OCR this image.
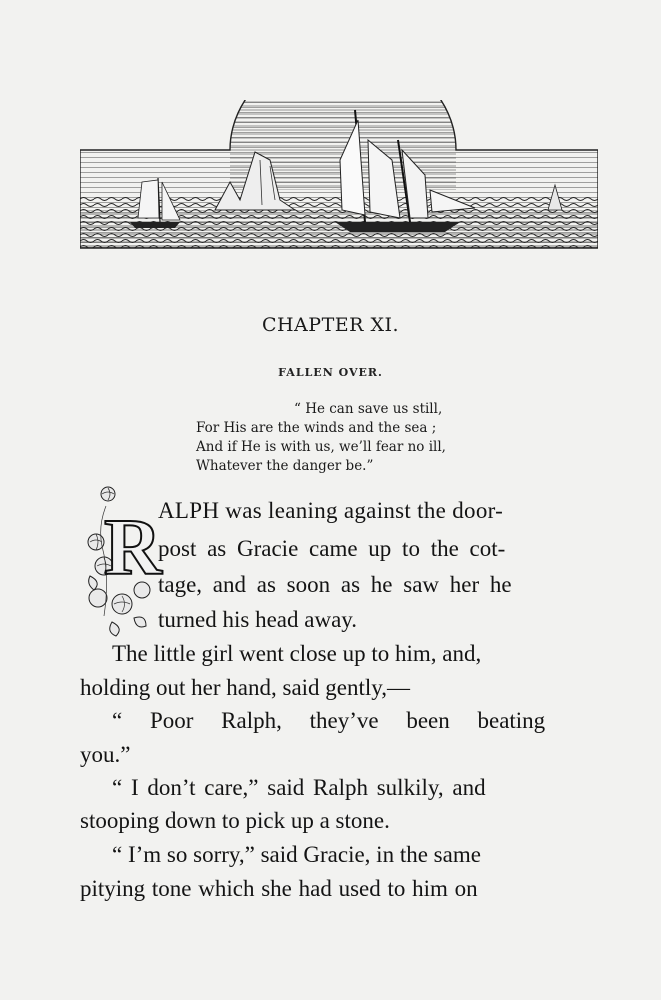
CHAPTER XI.
FALLEN OVER.
“ He can save us still,
For His are the winds and the sea ;
And if He is with us, we’ll fear no ill,
Whatever the danger be.”
R
ALPH was leaning against the door-
post as Gracie came up to the cot-
tage, and as soon as he saw her he
turned his head away.
The little girl went close up to him, and,
holding out her hand, said gently,—
“ Poor Ralph, they’ve been beating
you.”
“ I don’t care,” said Ralph sulkily, and
stooping down to pick up a stone.
“ I’m so sorry,” said Gracie, in the same
pitying tone which she had used to him on
